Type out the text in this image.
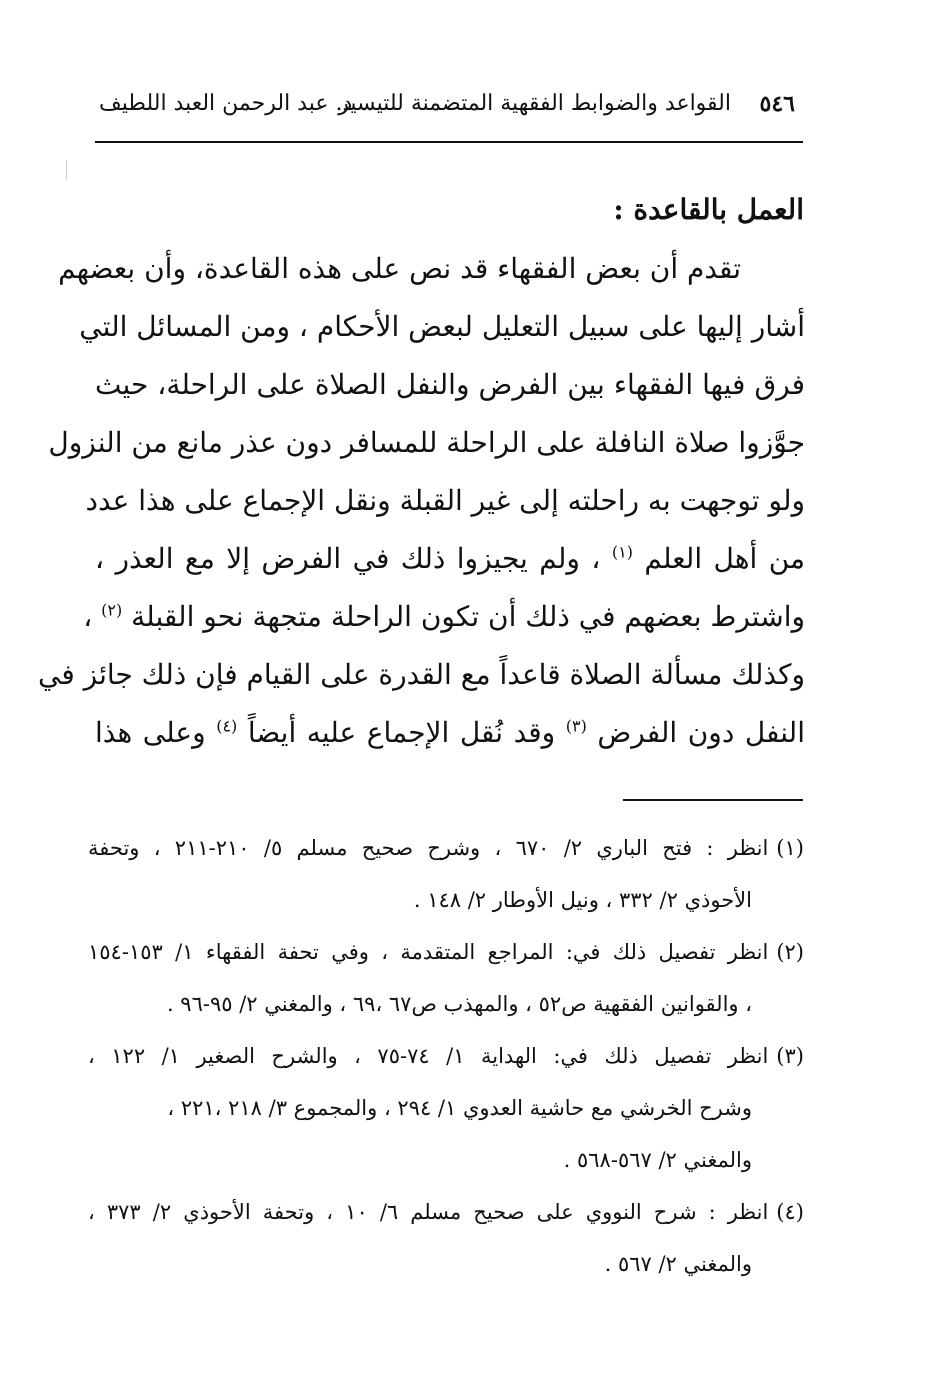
٥٤٦
القواعد والضوابط الفقهية المتضمنة للتيسير
د. عبد الرحمن العبد اللطيف
العمل بالقاعدة :
تقدم أن بعض الفقهاء قد نص على هذه القاعدة، وأن بعضهم
أشار إليها على سبيل التعليل لبعض الأحكام ، ومن المسائل التي
فرق فيها الفقهاء بين الفرض والنفل الصلاة على الراحلة، حيث
جوَّزوا صلاة النافلة على الراحلة للمسافر دون عذر مانع من النزول
ولو توجهت به راحلته إلى غير القبلة ونقل الإجماع على هذا عدد
من أهل العلم $^{(١)}$ ، ولم يجيزوا ذلك في الفرض إلا مع العذر ،
واشترط بعضهم في ذلك أن تكون الراحلة متجهة نحو القبلة $^{(٢)}$ ،
وكذلك مسألة الصلاة قاعداً مع القدرة على القيام فإن ذلك جائز في
النفل دون الفرض $^{(٣)}$ وقد نُقل الإجماع عليه أيضاً $^{(٤)}$ وعلى هذا
(١)انظر : فتح الباري ٢/ ٦٧٠ ، وشرح صحيح مسلم ٥/ ٢١٠-٢١١ ، وتحفة
الأحوذي ٢/ ٣٣٢ ، ونيل الأوطار ٢/ ١٤٨ .
(٢)انظر تفصيل ذلك في: المراجع المتقدمة ، وفي تحفة الفقهاء ١/ ١٥٣-١٥٤
، والقوانين الفقهية ص٥٢ ، والمهذب ص٦٧ ،٦٩ ، والمغني ٢/ ٩٥-٩٦ .
(٣)انظر تفصيل ذلك في: الهداية ١/ ٧٤-٧٥ ، والشرح الصغير ١/ ١٢٢ ،
وشرح الخرشي مع حاشية العدوي ١/ ٢٩٤ ، والمجموع ٣/ ٢١٨ ،٢٢١ ،
والمغني ٢/ ٥٦٧-٥٦٨ .
(٤)انظر : شرح النووي على صحيح مسلم ٦/ ١٠ ، وتحفة الأحوذي ٢/ ٣٧٣ ،
والمغني ٢/ ٥٦٧ .
